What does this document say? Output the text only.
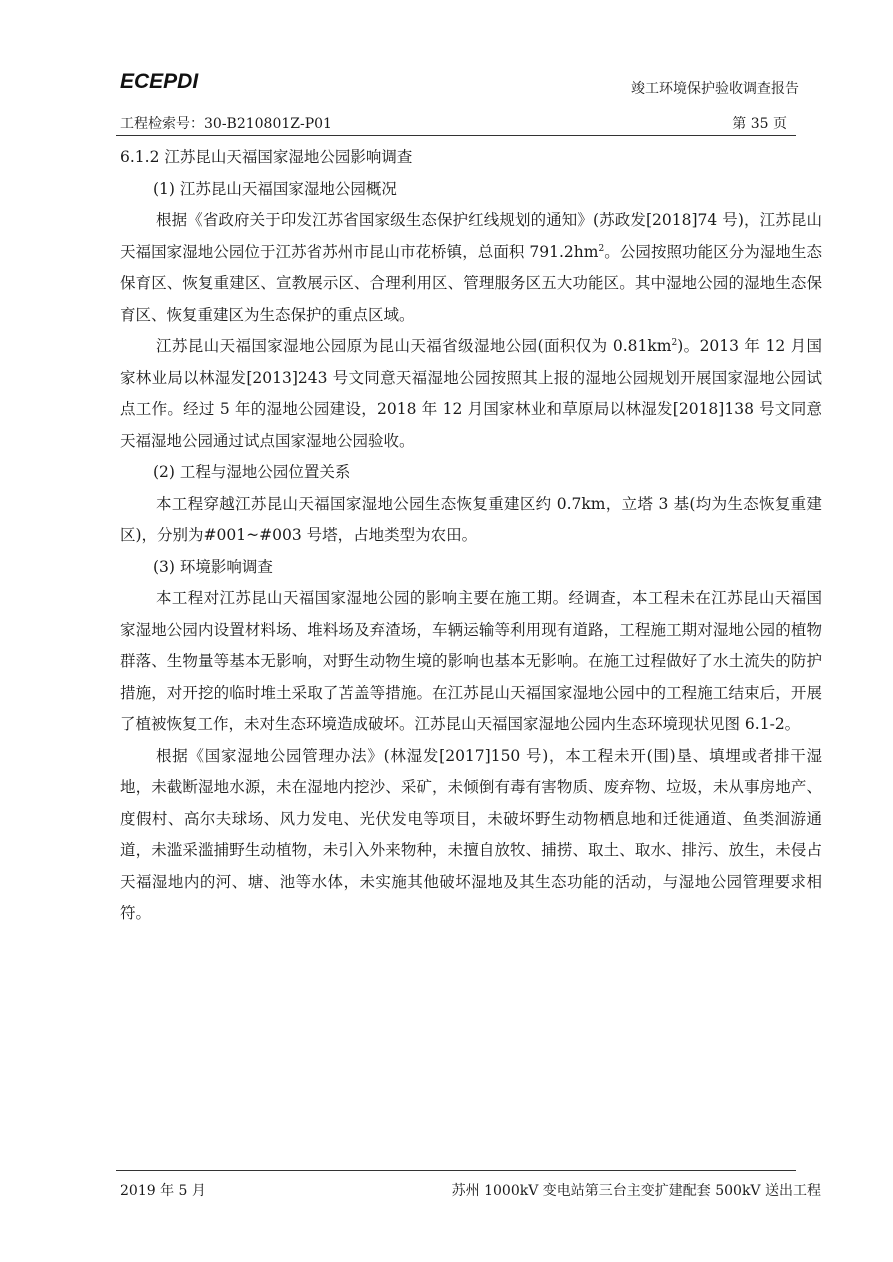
ECEPDI	竣工环境保护验收调查报告
工程检索号：30-B210801Z-P01	第 35 页

6.1.2 江苏昆山天福国家湿地公园影响调查

(1) 江苏昆山天福国家湿地公园概况

根据《省政府关于印发江苏省国家级生态保护红线规划的通知》(苏政发[2018]74 号)，江苏昆山天福国家湿地公园位于江苏省苏州市昆山市花桥镇，总面积 $791.2hm^2$。公园按照功能区分为湿地生态保育区、恢复重建区、宣教展示区、合理利用区、管理服务区五大功能区。其中湿地公园的湿地生态保育区、恢复重建区为生态保护的重点区域。

江苏昆山天福国家湿地公园原为昆山天福省级湿地公园(面积仅为 $0.81km^2$)。2013 年 12 月国家林业局以林湿发[2013]243 号文同意天福湿地公园按照其上报的湿地公园规划开展国家湿地公园试点工作。经过 5 年的湿地公园建设，2018 年 12 月国家林业和草原局以林湿发[2018]138 号文同意天福湿地公园通过试点国家湿地公园验收。

(2) 工程与湿地公园位置关系

本工程穿越江苏昆山天福国家湿地公园生态恢复重建区约 0.7km，立塔 3 基(均为生态恢复重建区)，分别为#001~#003 号塔，占地类型为农田。

(3) 环境影响调查

本工程对江苏昆山天福国家湿地公园的影响主要在施工期。经调查，本工程未在江苏昆山天福国家湿地公园内设置材料场、堆料场及弃渣场，车辆运输等利用现有道路，工程施工期对湿地公园的植物群落、生物量等基本无影响，对野生动物生境的影响也基本无影响。在施工过程做好了水土流失的防护措施，对开挖的临时堆土采取了苫盖等措施。在江苏昆山天福国家湿地公园中的工程施工结束后，开展了植被恢复工作，未对生态环境造成破坏。江苏昆山天福国家湿地公园内生态环境现状见图 6.1-2。

根据《国家湿地公园管理办法》(林湿发[2017]150 号)，本工程未开(围)垦、填埋或者排干湿地，未截断湿地水源，未在湿地内挖沙、采矿，未倾倒有毒有害物质、废弃物、垃圾，未从事房地产、度假村、高尔夫球场、风力发电、光伏发电等项目，未破坏野生动物栖息地和迁徙通道、鱼类洄游通道，未滥采滥捕野生动植物，未引入外来物种，未擅自放牧、捕捞、取土、取水、排污、放生，未侵占天福湿地内的河、塘、池等水体，未实施其他破坏湿地及其生态功能的活动，与湿地公园管理要求相符。

2019 年 5 月	苏州 1000kV 变电站第三台主变扩建配套 500kV 送出工程
